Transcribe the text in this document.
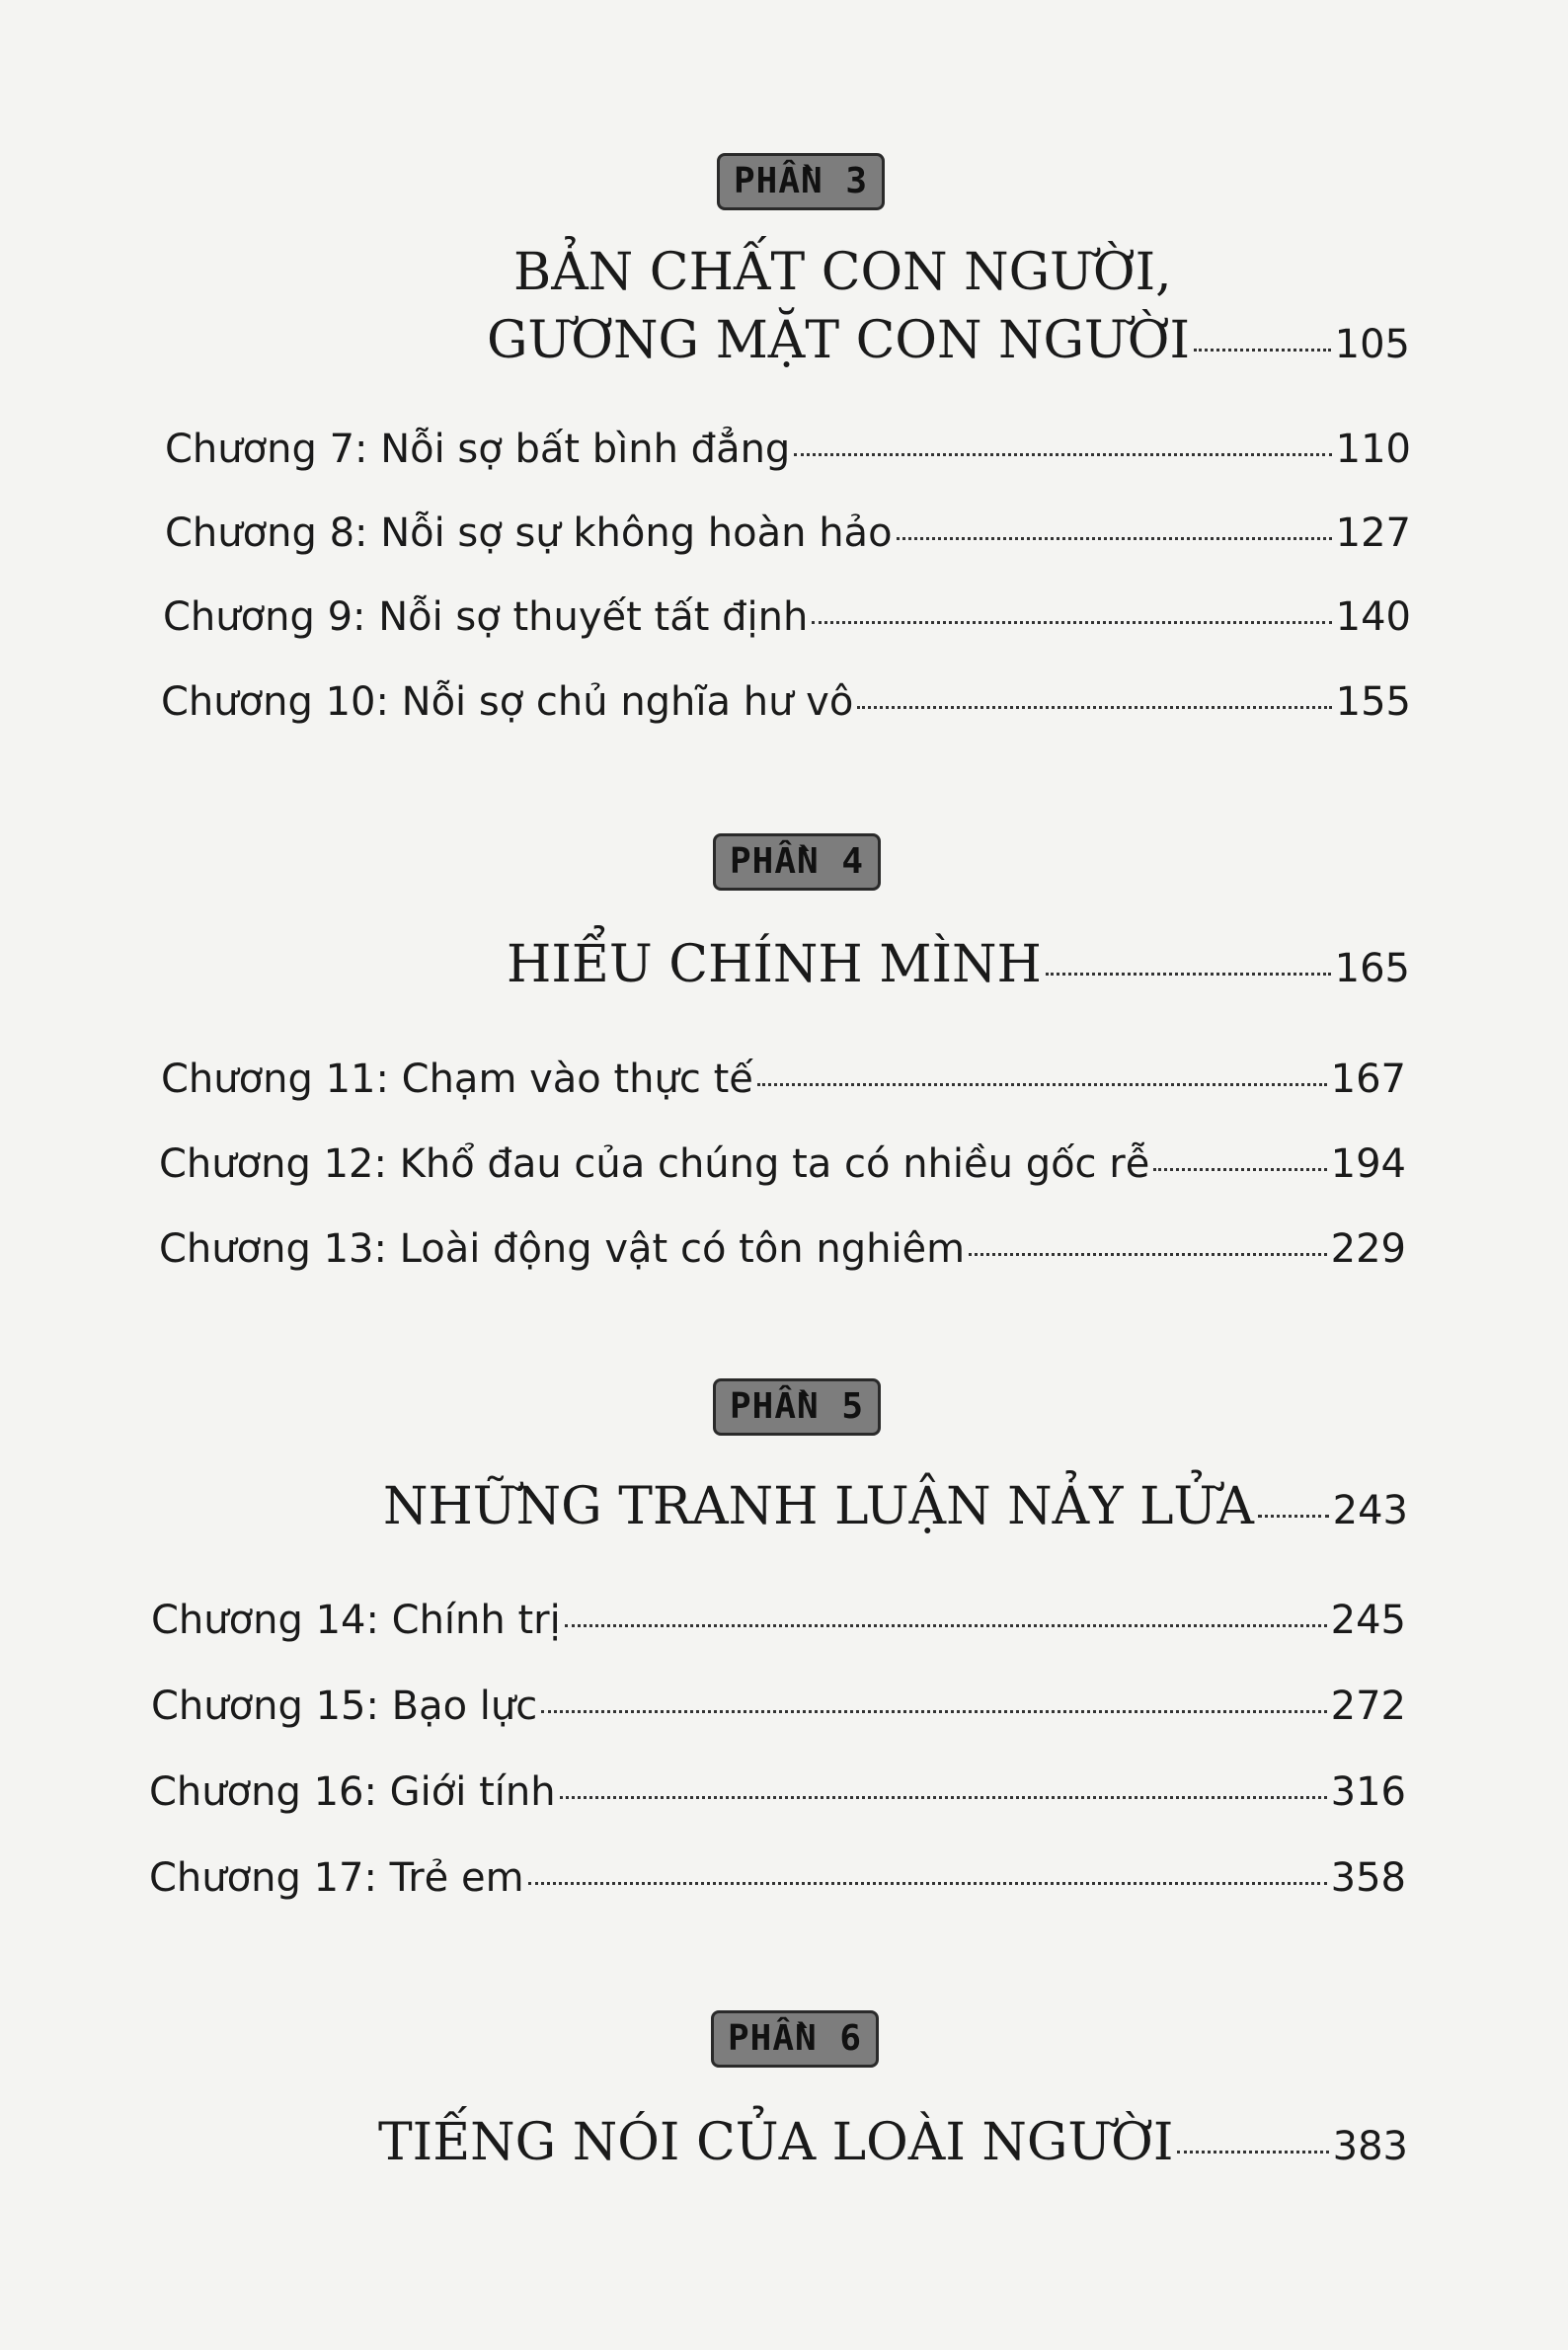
PHẦN 3
BẢN CHẤT CON NGƯỜI,
GƯƠNG MẶT CON NGƯỜI	105
Chương 7: Nỗi sợ bất bình đẳng	110
Chương 8: Nỗi sợ sự không hoàn hảo	127
Chương 9: Nỗi sợ thuyết tất định	140
Chương 10: Nỗi sợ chủ nghĩa hư vô	155
PHẦN 4
HIỂU CHÍNH MÌNH	165
Chương 11: Chạm vào thực tế	167
Chương 12: Khổ đau của chúng ta có nhiều gốc rễ	194
Chương 13: Loài động vật có tôn nghiêm	229
PHẦN 5
NHỮNG TRANH LUẬN NẢY LỬA 243
Chương 14: Chính trị	245
Chương 15: Bạo lực	272
Chương 16: Giới tính	316
Chương 17: Trẻ em	358
PHẦN 6
TIẾNG NÓI CỦA LOÀI NGƯỜI	383
